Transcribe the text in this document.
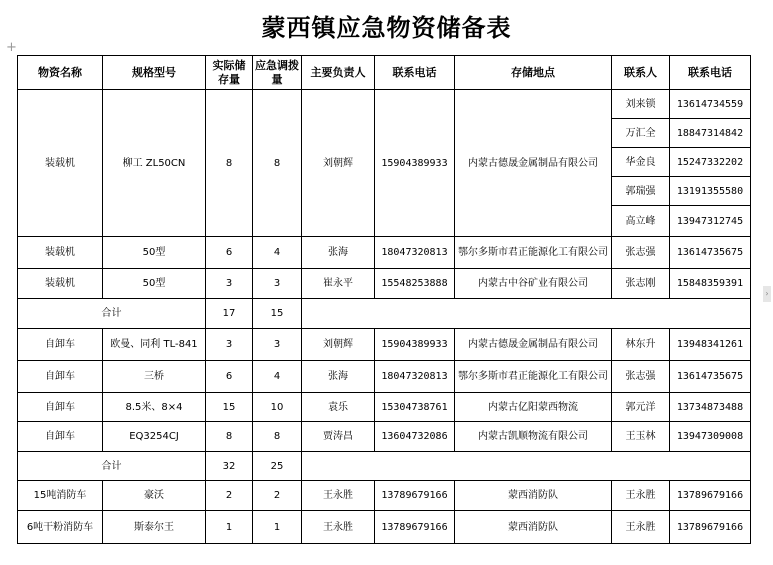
蒙西镇应急物资储备表
+
›
物资名称	规格型号	实际储存量	应急调拨量	主要负责人	联系电话	存储地点	联系人	联系电话
装载机	柳工 ZL50CN	8	8	刘朝辉	15904389933	内蒙古德晟金属制品有限公司	刘来锁	13614734559
							万汇全	18847314842
							华金良	15247332202
							郭瑞强	13191355580
							高立峰	13947312745
装载机	50型	6	4	张海	18047320813	鄂尔多斯市君正能源化工有限公司	张志强	13614735675
装载机	50型	3	3	崔永平	15548253888	内蒙古中谷矿业有限公司	张志刚	15848359391
合计		17	15					
自卸车	欧曼、同利 TL-841	3	3	刘朝辉	15904389933	内蒙古德晟金属制品有限公司	林东升	13948341261
自卸车	三桥	6	4	张海	18047320813	鄂尔多斯市君正能源化工有限公司	张志强	13614735675
自卸车	8.5米、8×4	15	10	袁乐	15304738761	内蒙古亿阳蒙西物流	郭元洋	13734873488
自卸车	EQ3254CJ	8	8	贾涛昌	13604732086	内蒙古凯顺物流有限公司	王玉林	13947309008
合计		32	25					
15吨消防车	豪沃	2	2	王永胜	13789679166	蒙西消防队	王永胜	13789679166
6吨干粉消防车	斯泰尔王	1	1	王永胜	13789679166	蒙西消防队	王永胜	13789679166
